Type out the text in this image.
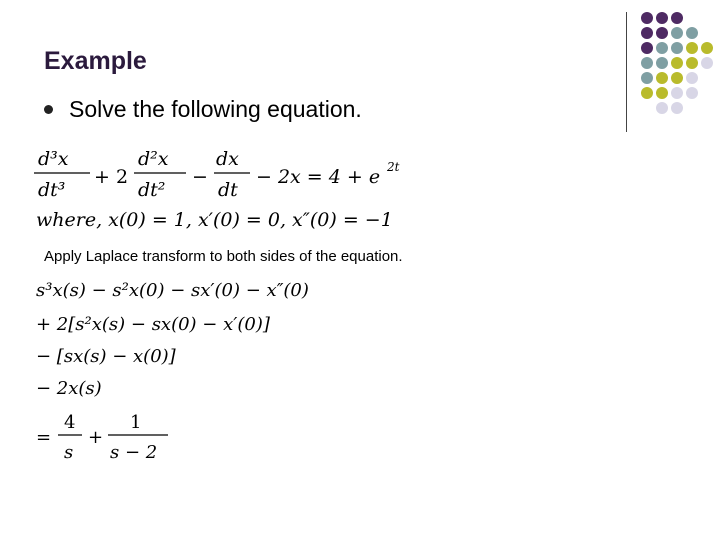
Example
Solve the following equation.
d³x
dt³
+ 2
d²x
dt²
−
dx
dt
− 2x = 4 + e 2t
where, x(0) = 1, x′(0) = 0, x″(0) = −1
s³x(s) − s²x(0) − sx′(0) − x″(0)
+ 2[s²x(s) − sx(0) − x′(0)]
− [sx(s) − x(0)]
− 2x(s)
=
4
s
+
1
s − 2
Apply Laplace transform to both sides of the equation.
